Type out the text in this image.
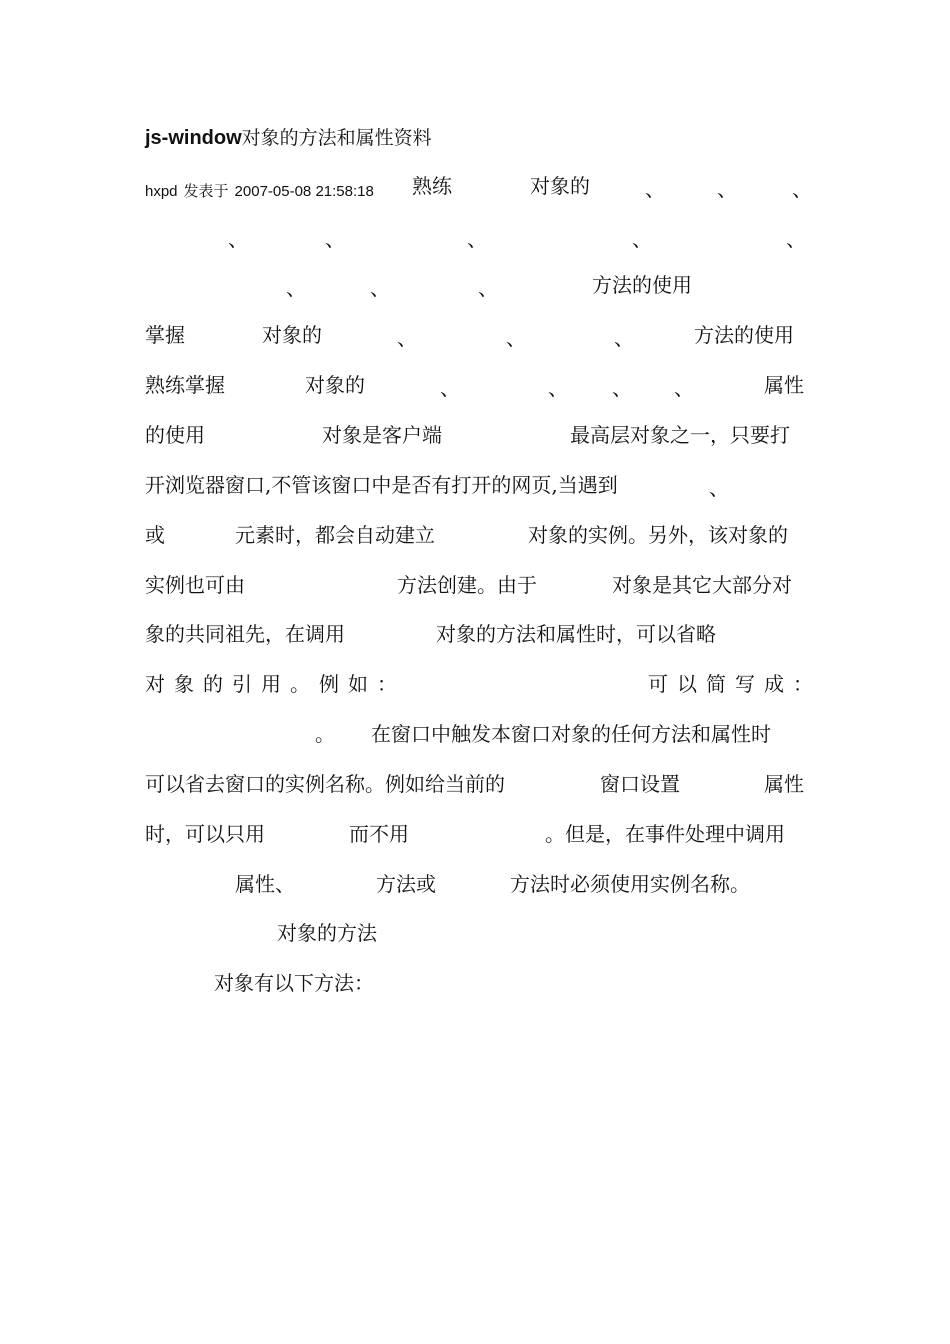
js-window对象的方法和属性资料
hxpd 发表于 2007-05-08 21:58:18	熟练	对象的	、	、	、
、	、	、	、	、
、	、	、	方法的使用
掌握	对象的	、	、	、	方法的使用
熟练掌握	对象的	、	、 、 、	属性
的使用	对象是客户端	最高层对象之一，只要打
开浏览器窗口,不管该窗口中是否有打开的网页,当遇到	、
或	元素时，都会自动建立	对象的实例。另外，该对象的
实例也可由	方法创建。由于	对象是其它大部分对
象的共同祖先，在调用	对象的方法和属性时，可以省略
对象的引用。例如：	可以简写成：
。 在窗口中触发本窗口对象的任何方法和属性时
可以省去窗口的实例名称。例如给当前的	窗口设置	属性
时，可以只用	而不用	。但是，在事件处理中调用
属性、	方法或	方法时必须使用实例名称。
对象的方法
对象有以下方法：
